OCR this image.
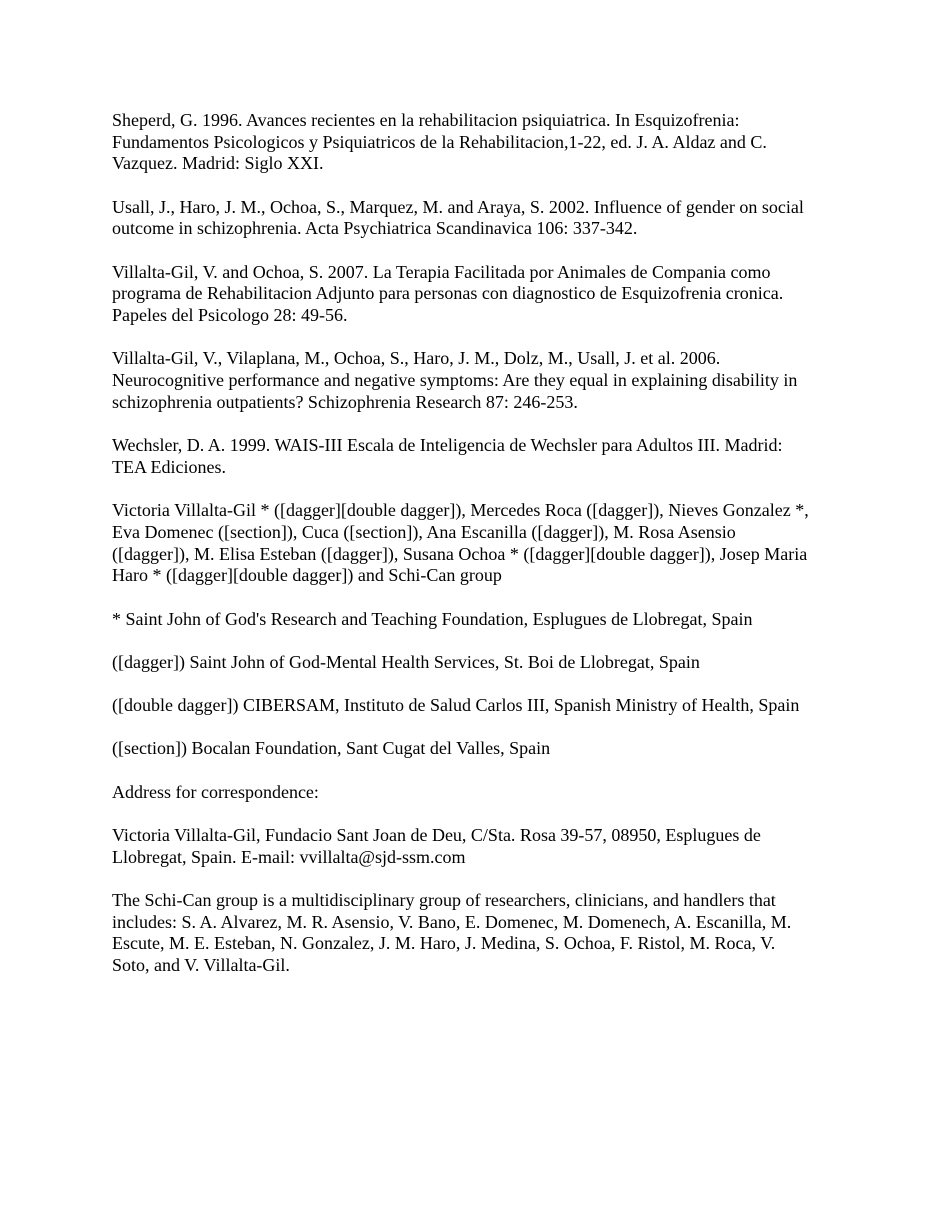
Sheperd, G. 1996. Avances recientes en la rehabilitacion psiquiatrica. In Esquizofrenia:
Fundamentos Psicologicos y Psiquiatricos de la Rehabilitacion,1-22, ed. J. A. Aldaz and C.
Vazquez. Madrid: Siglo XXI.
Usall, J., Haro, J. M., Ochoa, S., Marquez, M. and Araya, S. 2002. Influence of gender on social
outcome in schizophrenia. Acta Psychiatrica Scandinavica 106: 337-342.
Villalta-Gil, V. and Ochoa, S. 2007. La Terapia Facilitada por Animales de Compania como
programa de Rehabilitacion Adjunto para personas con diagnostico de Esquizofrenia cronica.
Papeles del Psicologo 28: 49-56.
Villalta-Gil, V., Vilaplana, M., Ochoa, S., Haro, J. M., Dolz, M., Usall, J. et al. 2006.
Neurocognitive performance and negative symptoms: Are they equal in explaining disability in
schizophrenia outpatients? Schizophrenia Research 87: 246-253.
Wechsler, D. A. 1999. WAIS-III Escala de Inteligencia de Wechsler para Adultos III. Madrid:
TEA Ediciones.
Victoria Villalta-Gil * ([dagger][double dagger]), Mercedes Roca ([dagger]), Nieves Gonzalez *,
Eva Domenec ([section]), Cuca ([section]), Ana Escanilla ([dagger]), M. Rosa Asensio
([dagger]), M. Elisa Esteban ([dagger]), Susana Ochoa * ([dagger][double dagger]), Josep Maria
Haro * ([dagger][double dagger]) and Schi-Can group
* Saint John of God's Research and Teaching Foundation, Esplugues de Llobregat, Spain
([dagger]) Saint John of God-Mental Health Services, St. Boi de Llobregat, Spain
([double dagger]) CIBERSAM, Instituto de Salud Carlos III, Spanish Ministry of Health, Spain
([section]) Bocalan Foundation, Sant Cugat del Valles, Spain
Address for correspondence:
Victoria Villalta-Gil, Fundacio Sant Joan de Deu, C/Sta. Rosa 39-57, 08950, Esplugues de
Llobregat, Spain. E-mail: vvillalta@sjd-ssm.com
The Schi-Can group is a multidisciplinary group of researchers, clinicians, and handlers that
includes: S. A. Alvarez, M. R. Asensio, V. Bano, E. Domenec, M. Domenech, A. Escanilla, M.
Escute, M. E. Esteban, N. Gonzalez, J. M. Haro, J. Medina, S. Ochoa, F. Ristol, M. Roca, V.
Soto, and V. Villalta-Gil.
